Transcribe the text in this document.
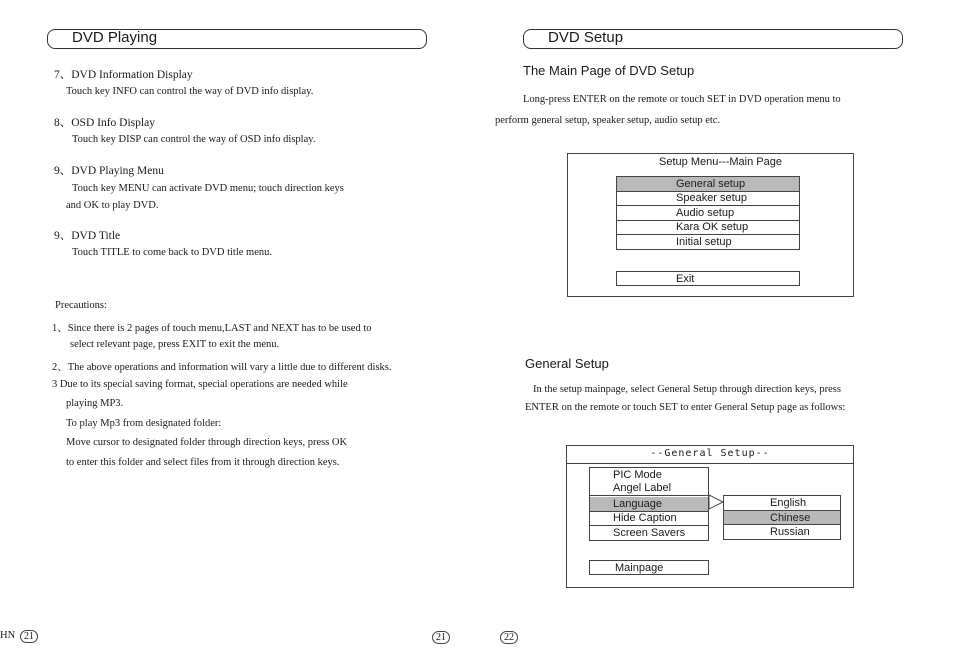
DVD Playing
7、DVD Information Display
Touch key INFO can control the way of DVD info display.
8、OSD Info Display
Touch key DISP can control the way of OSD info display.
9、DVD Playing Menu
Touch key MENU can activate DVD menu; touch direction keys
and OK to play DVD.
9、DVD Title
Touch TITLE to come back to DVD title menu.
Precautions:
1、Since there is 2 pages of touch menu,LAST and NEXT has to be used to
select relevant page, press EXIT to exit the menu.
2、The above operations and information will vary a little due to different disks.
3 Due to its special saving format, special operations are needed while
playing MP3.
To play Mp3 from designated folder:
Move cursor to designated folder through direction keys, press OK
to enter this folder and select files from it through direction keys.
HN 21	21
DVD Setup
The Main Page of DVD Setup
Long-press ENTER on the remote or touch SET in DVD operation menu to
perform general setup, speaker setup, audio setup etc.
Setup Menu---Main Page
General setup
Speaker setup
Audio setup
Kara OK setup
Initial setup
Exit
General Setup
In the setup mainpage, select General Setup through direction keys, press
ENTER on the remote or touch SET to enter General Setup page as follows:
--General Setup--
PIC Mode
Angel Label
Language
Hide Caption
Screen Savers
English
Chinese
Russian
Mainpage
22
